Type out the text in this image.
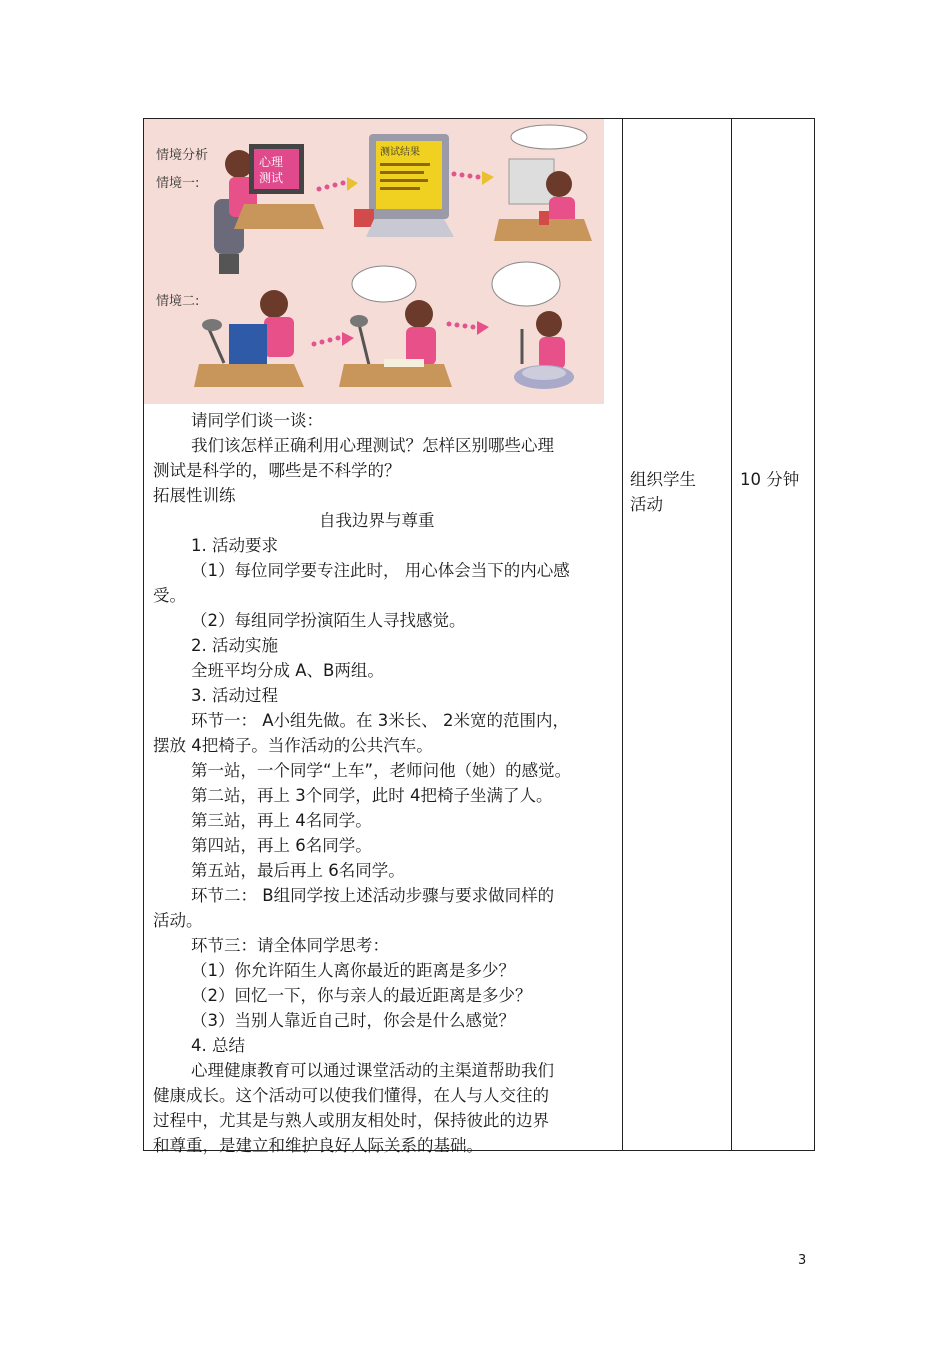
情境分析
情境一:
情境二:
心理
测试
测试结果
请同学们谈一谈：
我们该怎样正确利用心理测试？怎样区别哪些心理
测试是科学的，哪些是不科学的？
拓展性训练
自我边界与尊重
1. 活动要求
（1）每位同学要专注此时， 用心体会当下的内心感
受。
（2）每组同学扮演陌生人寻找感觉。
2. 活动实施
全班平均分成 A、B两组。
3. 活动过程
环节一： A小组先做。在 3米长、 2米宽的范围内，
摆放 4把椅子。当作活动的公共汽车。
第一站，一个同学“上车”，老师问他（她）的感觉。
第二站，再上 3个同学，此时 4把椅子坐满了人。
第三站，再上 4名同学。
第四站，再上 6名同学。
第五站，最后再上 6名同学。
环节二： B组同学按上述活动步骤与要求做同样的
活动。
环节三：请全体同学思考：
（1）你允许陌生人离你最近的距离是多少？
（2）回忆一下，你与亲人的最近距离是多少？
（3）当别人靠近自己时，你会是什么感觉？
4. 总结
心理健康教育可以通过课堂活动的主渠道帮助我们
健康成长。这个活动可以使我们懂得，在人与人交往的
过程中，尤其是与熟人或朋友相处时，保持彼此的边界
和尊重，是建立和维护良好人际关系的基础。
组织学生
活动
10 分钟
3
